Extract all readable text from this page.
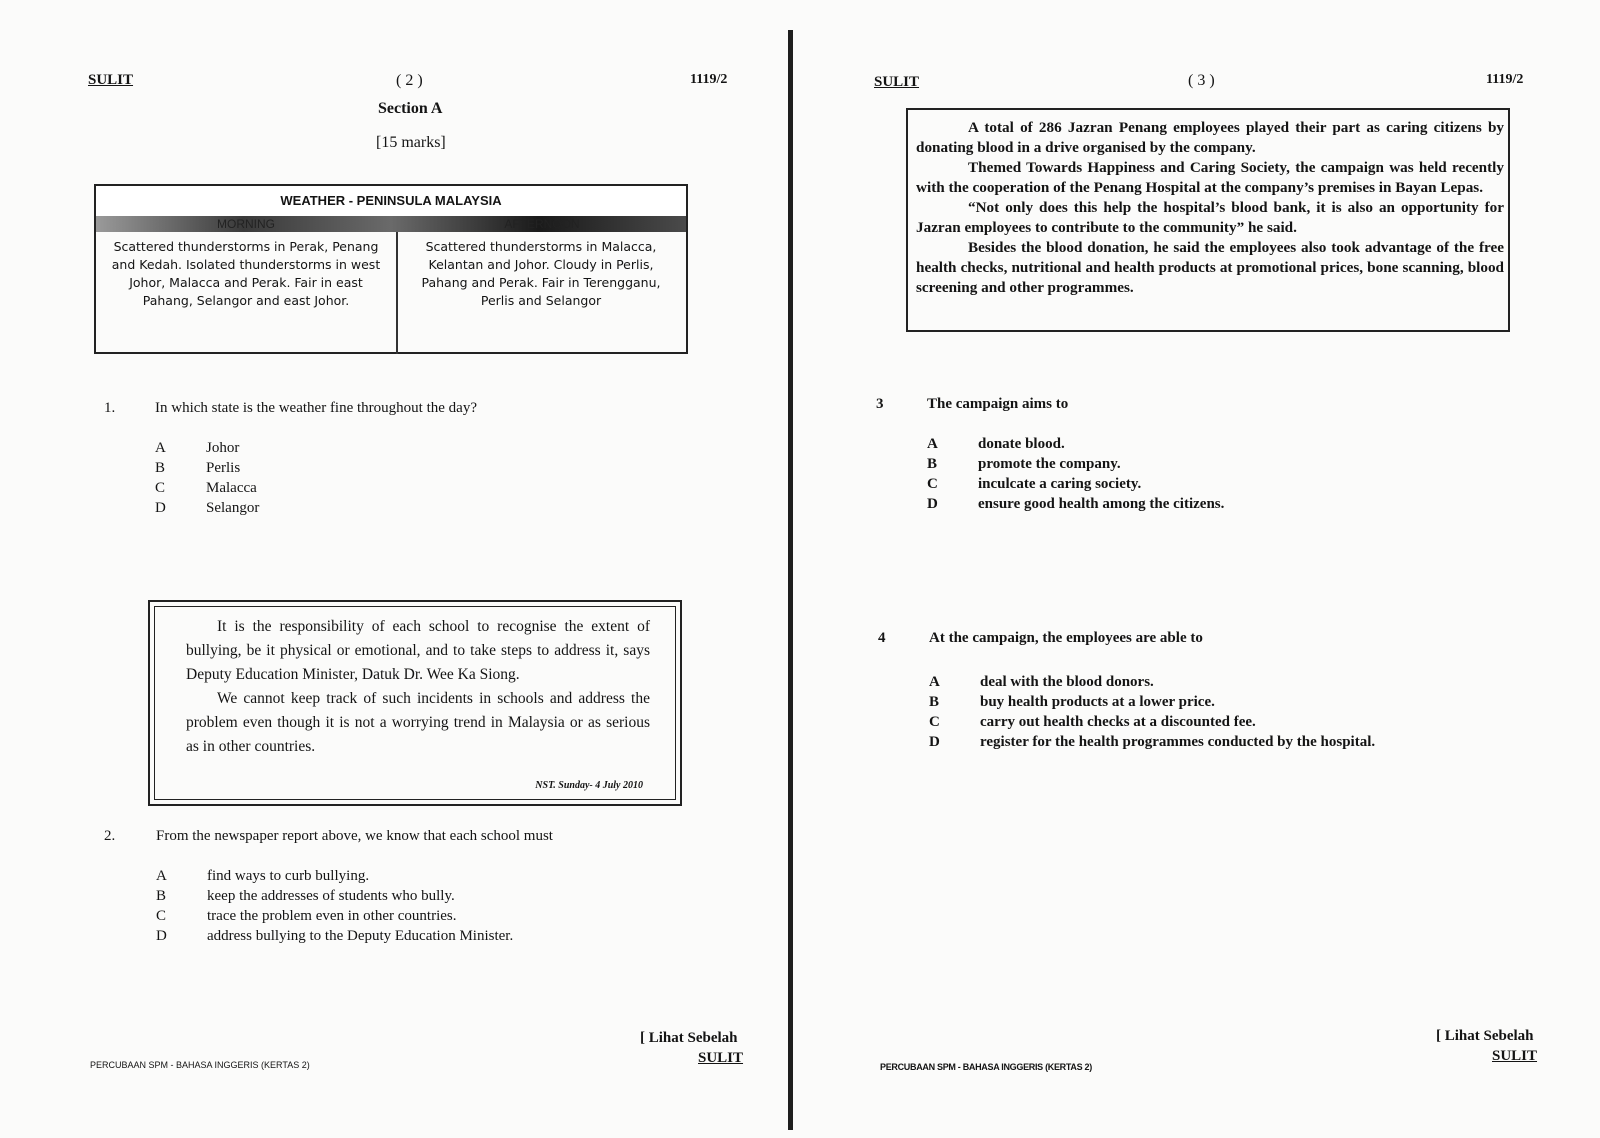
SULIT	( 2 )	1119/2
Section A
[15 marks]
WEATHER - PENINSULA MALAYSIA
MORNING	AFTERNOON
Scattered thunderstorms in Perak, Penang and Kedah. Isolated thunderstorms in west Johor, Malacca and Perak. Fair in east Pahang, Selangor and east Johor.
Scattered thunderstorms in Malacca, Kelantan and Johor. Cloudy in Perlis, Pahang and Perak. Fair in Terengganu, Perlis and Selangor
1.	In which state is the weather fine throughout the day?
A	Johor
B	Perlis
C	Malacca
D	Selangor

It is the responsibility of each school to recognise the extent of bullying, be it physical or emotional, and to take steps to address it, says Deputy Education Minister, Datuk Dr. Wee Ka Siong.

We cannot keep track of such incidents in schools and address the problem even though it is not a worrying trend in Malaysia or as serious as in other countries.

NST. Sunday- 4 July 2010
2.	From the newspaper report above, we know that each school must
A	find ways to curb bullying.
B	keep the addresses of students who bully.
C	trace the problem even in other countries.
D	address bullying to the Deputy Education Minister.
[ Lihat Sebelah
SULIT
PERCUBAAN SPM - BAHASA INGGERIS (KERTAS 2)
SULIT	( 3 )	1119/2

A total of 286 Jazran Penang employees played their part as caring citizens by donating blood in a drive organised by the company.

Themed Towards Happiness and Caring Society, the campaign was held recently with the cooperation of the Penang Hospital at the company’s premises in Bayan Lepas.

“Not only does this help the hospital’s blood bank, it is also an opportunity for Jazran employees to contribute to the community” he said.

Besides the blood donation, he said the employees also took advantage of the free health checks, nutritional and health products at promotional prices, bone scanning, blood screening and other programmes.

3	The campaign aims to
A	donate blood.
B	promote the company.
C	inculcate a caring society.
D	ensure good health among the citizens.
4	At the campaign, the employees are able to
A	deal with the blood donors.
B	buy health products at a lower price.
C	carry out health checks at a discounted fee.
D	register for the health programmes conducted by the hospital.
[ Lihat Sebelah
SULIT
PERCUBAAN SPM - BAHASA INGGERIS (KERTAS 2)
